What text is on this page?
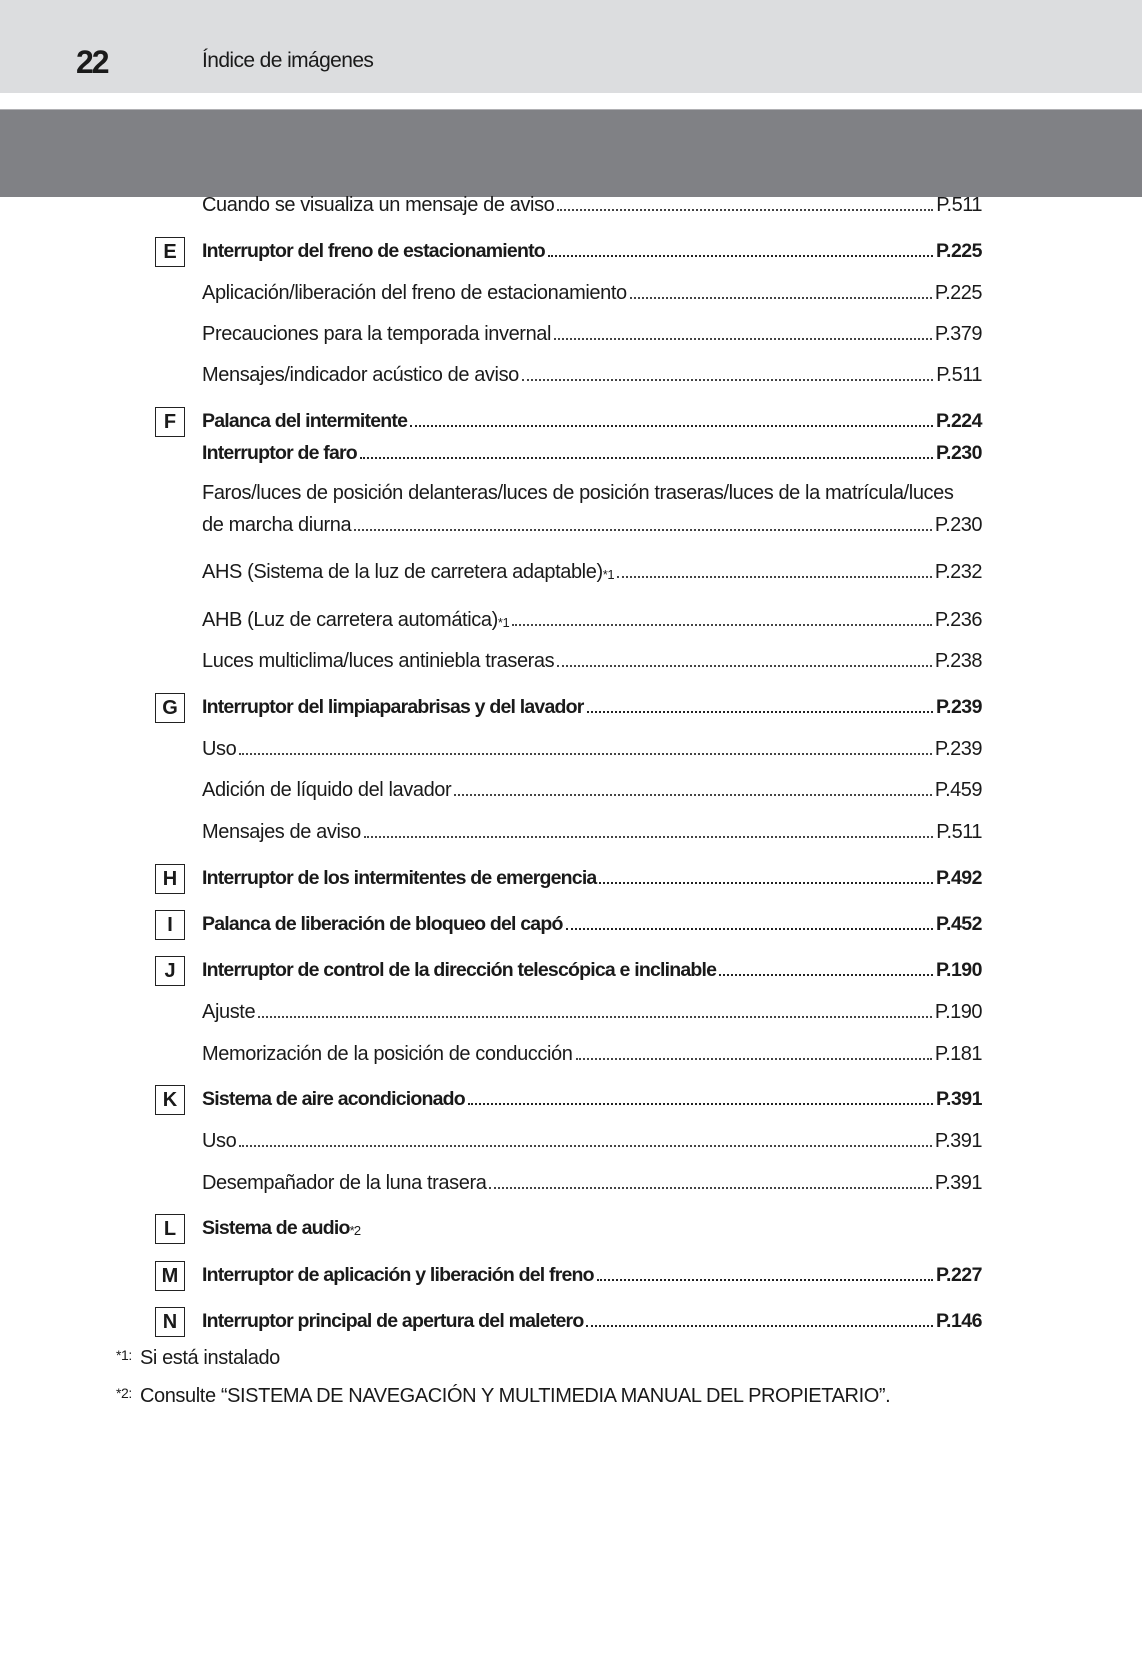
22	Índice de imágenes
Cuando se visualiza un mensaje de aviso	P.511
E	Interruptor del freno de estacionamiento	P.225
Aplicación/liberación del freno de estacionamiento	P.225
Precauciones para la temporada invernal	P.379
Mensajes/indicador acústico de aviso	P.511
F	Palanca del intermitente	P.224
Interruptor de faro	P.230
Faros/luces de posición delanteras/luces de posición traseras/luces de la matrícula/luces
de marcha diurna	P.230
AHS (Sistema de la luz de carretera adaptable)$^{*1}$	P.232
AHB (Luz de carretera automática)$^{*1}$	P.236
Luces multiclima/luces antiniebla traseras	P.238
G	Interruptor del limpiaparabrisas y del lavador	P.239
Uso	P.239
Adición de líquido del lavador	P.459
Mensajes de aviso	P.511
H	Interruptor de los intermitentes de emergencia	P.492
I	Palanca de liberación de bloqueo del capó	P.452
J	Interruptor de control de la dirección telescópica e inclinable	P.190
Ajuste	P.190
Memorización de la posición de conducción	P.181
K	Sistema de aire acondicionado	P.391
Uso	P.391
Desempañador de la luna trasera	P.391
L	Sistema de audio$^{*2}$
M	Interruptor de aplicación y liberación del freno	P.227
N	Interruptor principal de apertura del maletero	P.146
$^{*1:}$ Si está instalado
$^{*2:}$ Consulte “SISTEMA DE NAVEGACIÓN Y MULTIMEDIA MANUAL DEL PROPIETARIO”.
